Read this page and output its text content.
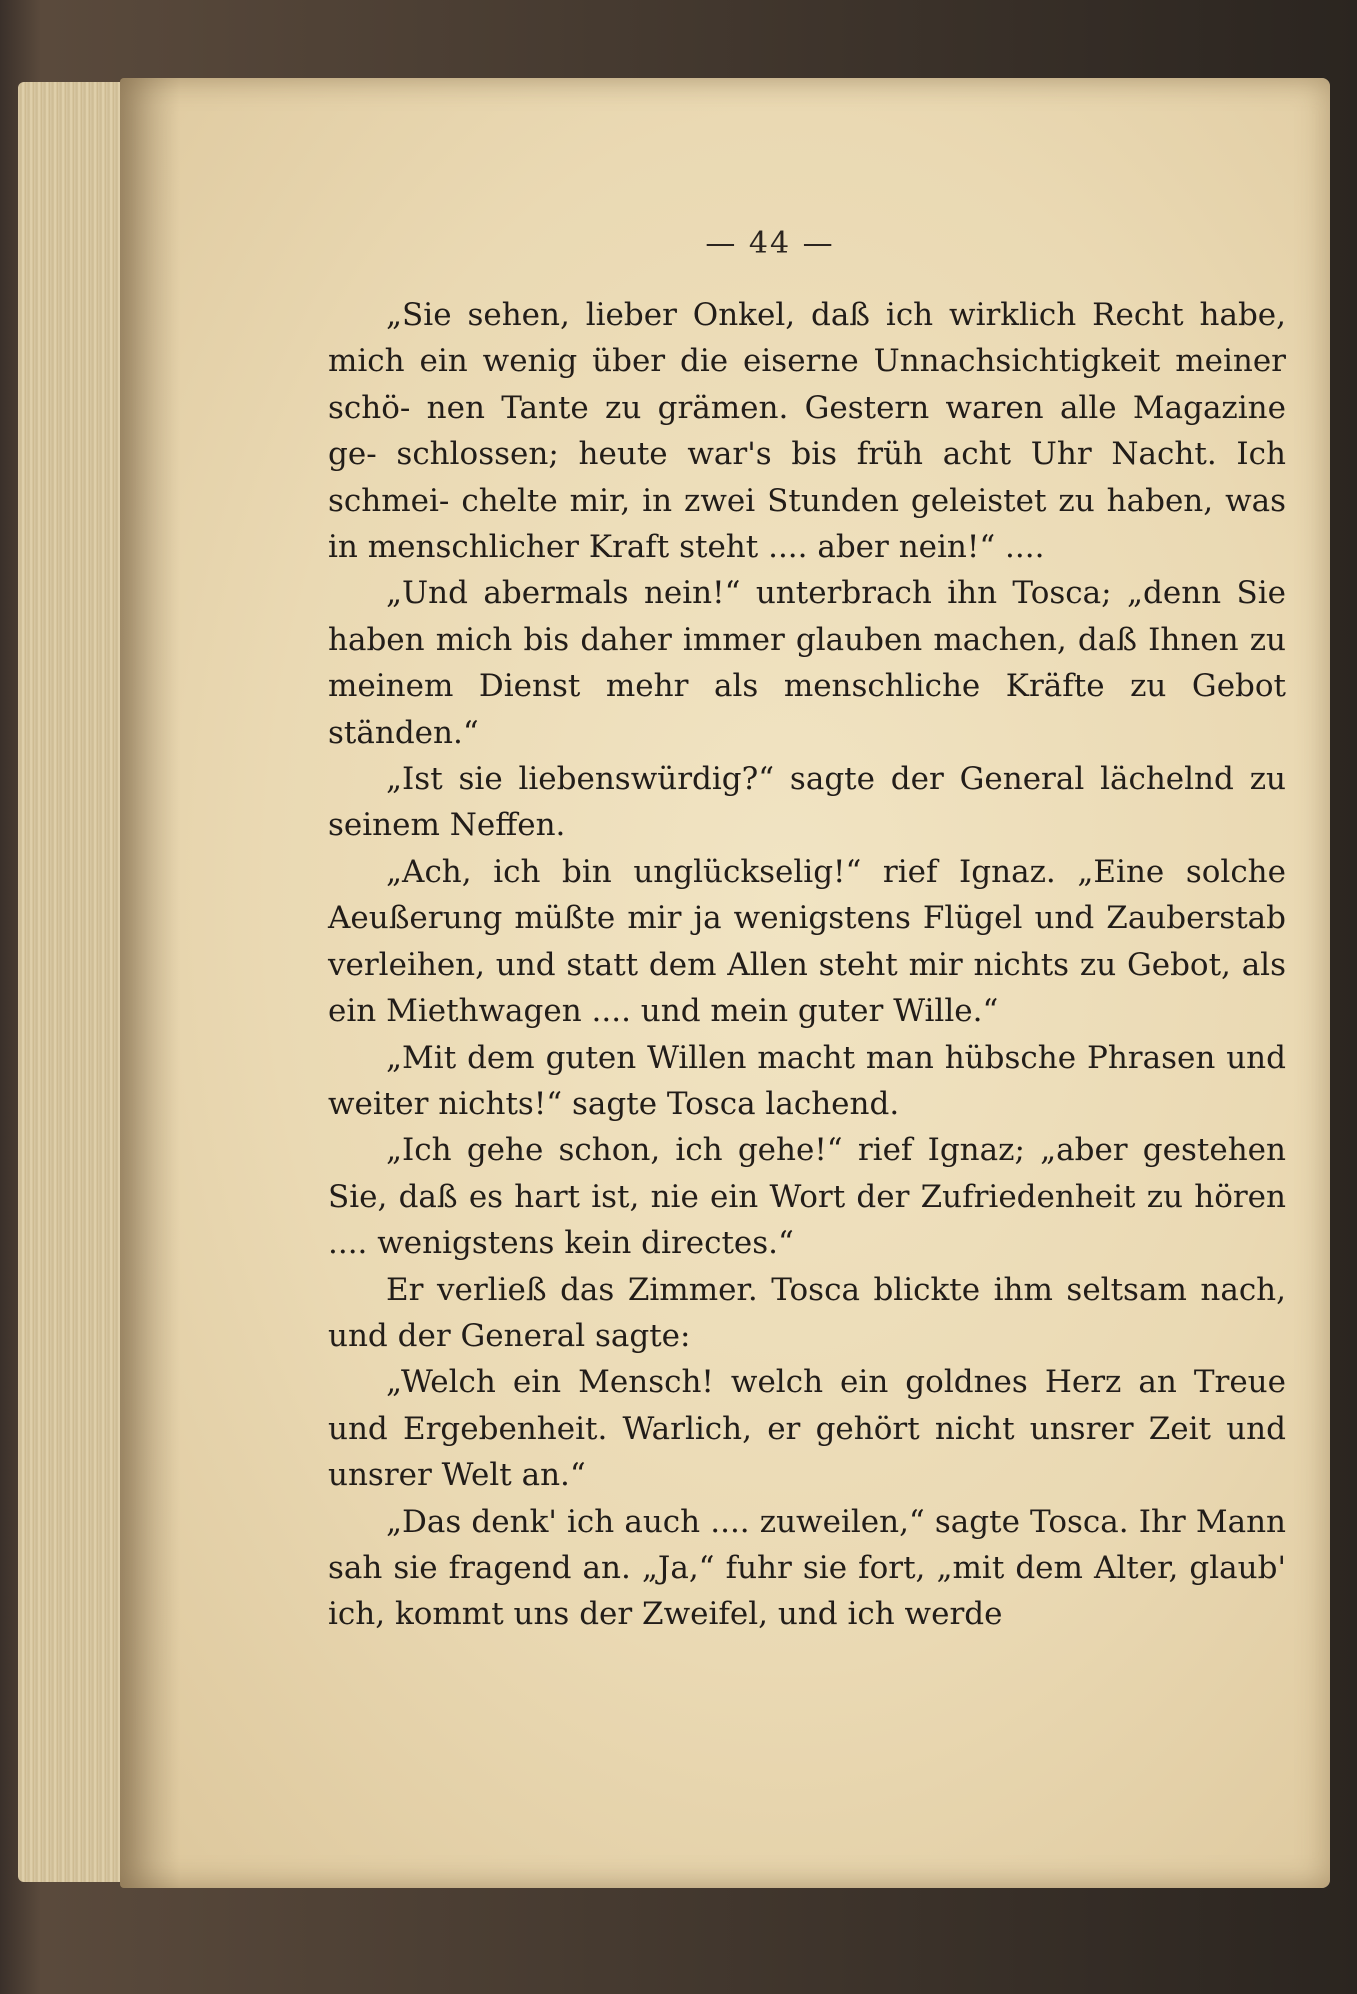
— 44 —

„Sie sehen, lieber Onkel, daß ich wirklich Recht habe, mich ein wenig über die eiserne Unnachsichtigkeit meiner schö- nen Tante zu grämen. Gestern waren alle Magazine ge- schlossen; heute war's bis früh acht Uhr Nacht. Ich schmei- chelte mir, in zwei Stunden geleistet zu haben, was in menschlicher Kraft steht .... aber nein!“ ....

„Und abermals nein!“ unterbrach ihn Tosca; „denn Sie haben mich bis daher immer glauben machen, daß Ihnen zu meinem Dienst mehr als menschliche Kräfte zu Gebot ständen.“

„Ist sie liebenswürdig?“ sagte der General lächelnd zu seinem Neffen.

„Ach, ich bin unglückselig!“ rief Ignaz. „Eine solche Aeußerung müßte mir ja wenigstens Flügel und Zauberstab verleihen, und statt dem Allen steht mir nichts zu Gebot, als ein Miethwagen .... und mein guter Wille.“

„Mit dem guten Willen macht man hübsche Phrasen und weiter nichts!“ sagte Tosca lachend.

„Ich gehe schon, ich gehe!“ rief Ignaz; „aber gestehen Sie, daß es hart ist, nie ein Wort der Zufriedenheit zu hören .... wenigstens kein directes.“

Er verließ das Zimmer. Tosca blickte ihm seltsam nach, und der General sagte:

„Welch ein Mensch! welch ein goldnes Herz an Treue und Ergebenheit. Warlich, er gehört nicht unsrer Zeit und unsrer Welt an.“

„Das denk' ich auch .... zuweilen,“ sagte Tosca. Ihr Mann sah sie fragend an. „Ja,“ fuhr sie fort, „mit dem Alter, glaub' ich, kommt uns der Zweifel, und ich werde
